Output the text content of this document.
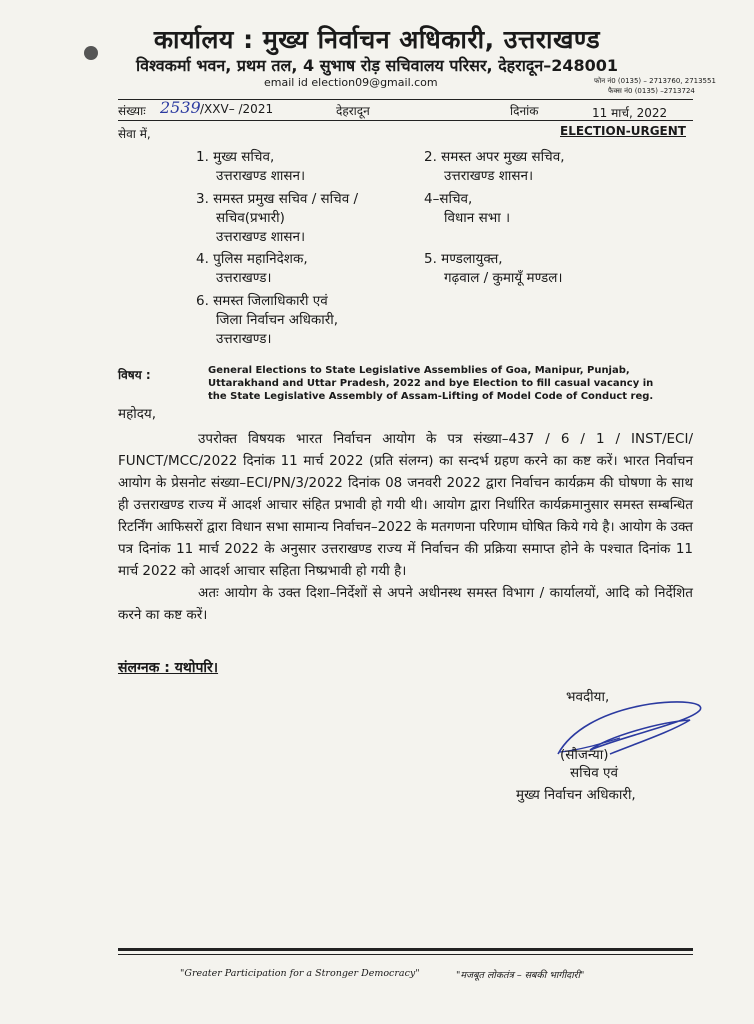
कार्यालय : मुख्य निर्वाचन अधिकारी, उत्तराखण्ड
विश्वकर्मा भवन, प्रथम तल, 4 सुभाष रोड़ सचिवालय परिसर, देहरादून–248001
email id election09@gmail.com	फोन नं0 (0135) – 2713760, 2713551
फैक्स नं0 (0135) –2713724
संख्याः 2539 /XXV– /2021	देहरादून	दिनांक	11 मार्च, 2022
सेवा में,	ELECTION-URGENT
1. मुख्य सचिव,
उत्तराखण्ड शासन।
3. समस्त प्रमुख सचिव / सचिव /
सचिव(प्रभारी)
उत्तराखण्ड शासन।
4. पुलिस महानिदेशक,
उत्तराखण्ड।
6. समस्त जिलाधिकारी एवं
जिला निर्वाचन अधिकारी,
उत्तराखण्ड।
2. समस्त अपर मुख्य सचिव,
उत्तराखण्ड शासन।
4–सचिव,
विधान सभा ।
5. मण्डलायुक्त,
गढ़वाल / कुमायूँ मण्डल।
विषय :	General Elections to State Legislative Assemblies of Goa, Manipur, Punjab, Uttarakhand and Uttar Pradesh, 2022 and bye Election to fill casual vacancy in the State Legislative Assembly of Assam-Lifting of Model Code of Conduct reg.
महोदय,

उपरोक्त विषयक भारत निर्वाचन आयोग के पत्र संख्या–437 / 6 / 1 / INST/ECI/ FUNCT/MCC/2022 दिनांक 11 मार्च 2022 (प्रति संलग्न) का सन्दर्भ ग्रहण करने का कष्ट करें। भारत निर्वाचन आयोग के प्रेसनोट संख्या–ECI/PN/3/2022 दिनांक 08 जनवरी 2022 द्वारा निर्वाचन कार्यक्रम की घोषणा के साथ ही उत्तराखण्ड राज्य में आदर्श आचार संहित प्रभावी हो गयी थी। आयोग द्वारा निर्धारित कार्यक्रमानुसार समस्त सम्बन्धित रिटर्निंग आफिसरों द्वारा विधान सभा सामान्य निर्वाचन–2022 के मतगणना परिणाम घोषित किये गये है। आयोग के उक्त पत्र दिनांक 11 मार्च 2022 के अनुसार उत्तराखण्ड राज्य में निर्वाचन की प्रक्रिया समाप्त होने के पश्चात दिनांक 11 मार्च 2022 को आदर्श आचार सहिता निष्प्रभावी हो गयी है।

अतः आयोग के उक्त दिशा–निर्देशों से अपने अधीनस्थ समस्त विभाग / कार्यालयों, आदि को निर्देशित करने का कष्ट करें।

संलग्नक : यथोपरि।
भवदीया,
(सौजन्या)
सचिव एवं
मुख्य निर्वाचन अधिकारी,
"Greater Participation for a Stronger Democracy"	"मजबूत लोकतंत्र – सबकी भागीदारी"
